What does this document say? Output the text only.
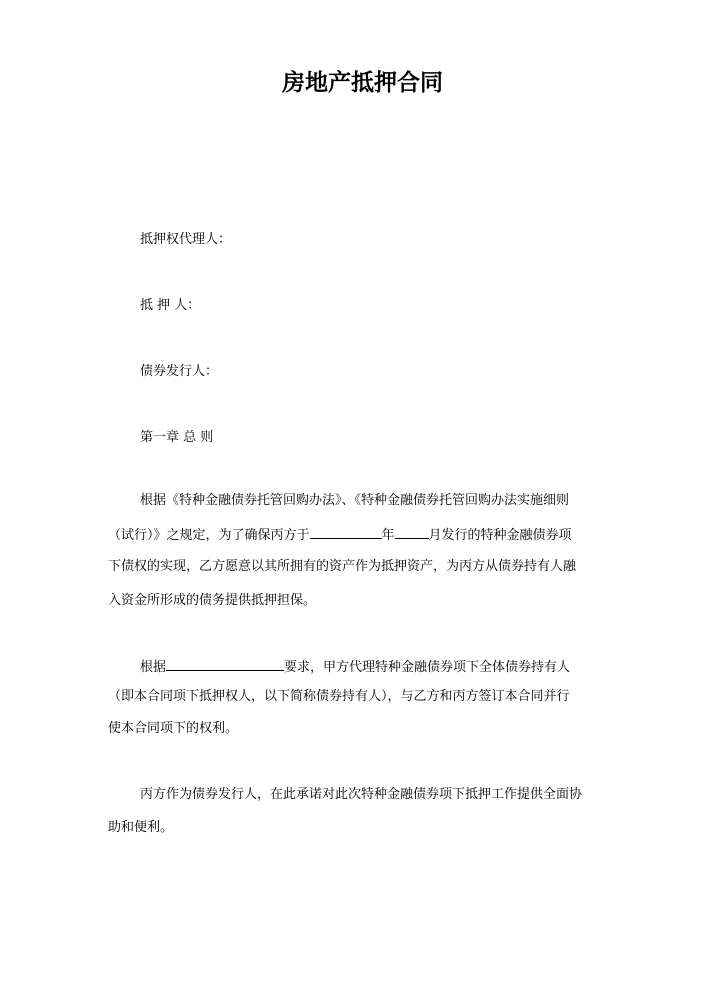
房地产抵押合同
抵押权代理人：
抵 押 人：
债券发行人：
第一章 总 则
根据《特种金融债券托管回购办法》、《特种金融债券托管回购办法实施细则
（试行）》之规定，为了确保丙方于	年	月发行的特种金融债券项
下债权的实现，乙方愿意以其所拥有的资产作为抵押资产，为丙方从债券持有人融
入资金所形成的债务提供抵押担保。
根据	要求，甲方代理特种金融债券项下全体债券持有人
（即本合同项下抵押权人，以下简称债券持有人），与乙方和丙方签订本合同并行
使本合同项下的权利。
丙方作为债券发行人，在此承诺对此次特种金融债券项下抵押工作提供全面协
助和便利。
